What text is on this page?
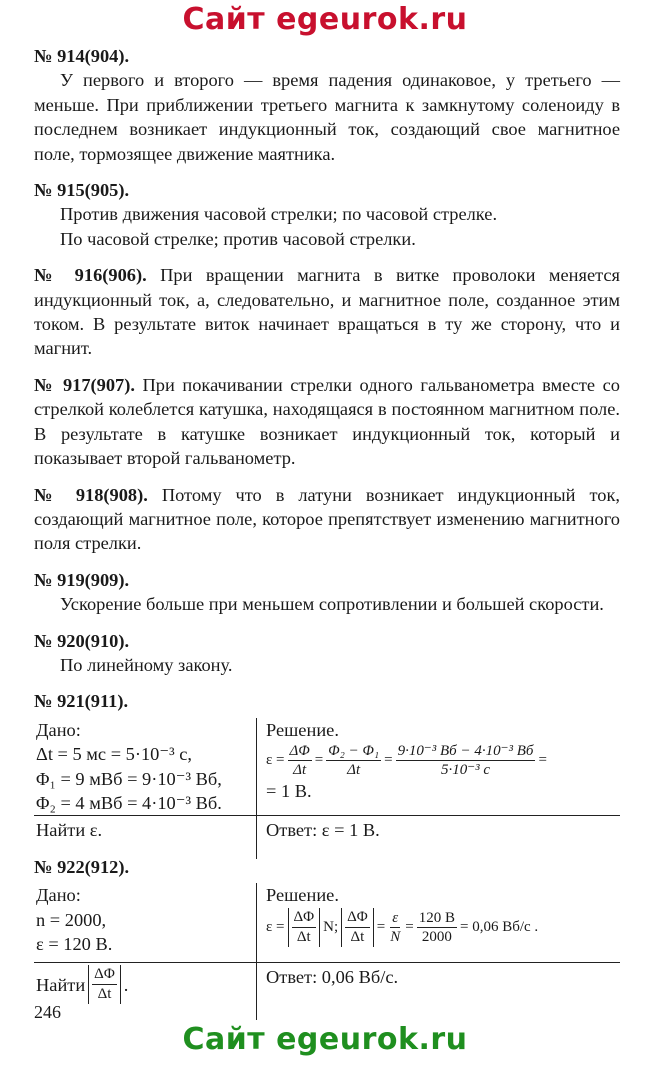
Сайт egeurok.ru

№ 914(904).

У первого и второго — время падения одинаковое, у третьего — меньше. При приближении третьего магнита к замкнутому соленоиду в последнем возникает индукционный ток, создающий свое магнитное поле, тормозящее движение маятника.

№ 915(905).

Против движения часовой стрелки; по часовой стрелке.

По часовой стрелке; против часовой стрелки.

№ 916(906). При вращении магнита в витке проволоки меняется индукционный ток, а, следовательно, и магнитное поле, созданное этим током. В результате виток начинает вращаться в ту же сторону, что и магнит.

№ 917(907). При покачивании стрелки одного гальванометра вместе со стрелкой колеблется катушка, находящаяся в постоянном магнитном поле. В результате в катушке возникает индукционный ток, который и показывает второй гальванометр.

№ 918(908). Потому что в латуни возникает индукционный ток, создающий магнитное поле, которое препятствует изменению магнитного поля стрелки.

№ 919(909).

Ускорение больше при меньшем сопротивлении и большей скорости.

№ 920(910).

По линейному закону.

№ 921(911).

Дано:
Δt = 5 мс = 5·10⁻³ с,
Φ₁ = 9 мВб = 9·10⁻³ Вб,
Φ₂ = 4 мВб = 4·10⁻³ Вб.
Решение.
$\varepsilon = \frac{\Delta\Phi}{\Delta t} = \frac{\text{Φ₂ − Φ₁}}{\Delta t} = \frac{\text{9·10⁻³ Вб − 4·10⁻³ Вб}}{\text{5·10⁻³ с}}$ =
= 1 В.
Найти ε.	Ответ: ε = 1 В.

№ 922(912).

Дано:
n = 2000,
ε = 120 В.
Решение.
$\varepsilon = \frac{\Delta\Phi}{\Delta t} N$; $\frac{\Delta\Phi}{\Delta t} = \frac{\varepsilon}{N} = \frac{120 В}{2000} = 0,06$ Вб/с .
Найти $\frac{\Delta\Phi}{\Delta t}$ .	Ответ: 0,06 Вб/с.
246
Сайт egeurok.ru
